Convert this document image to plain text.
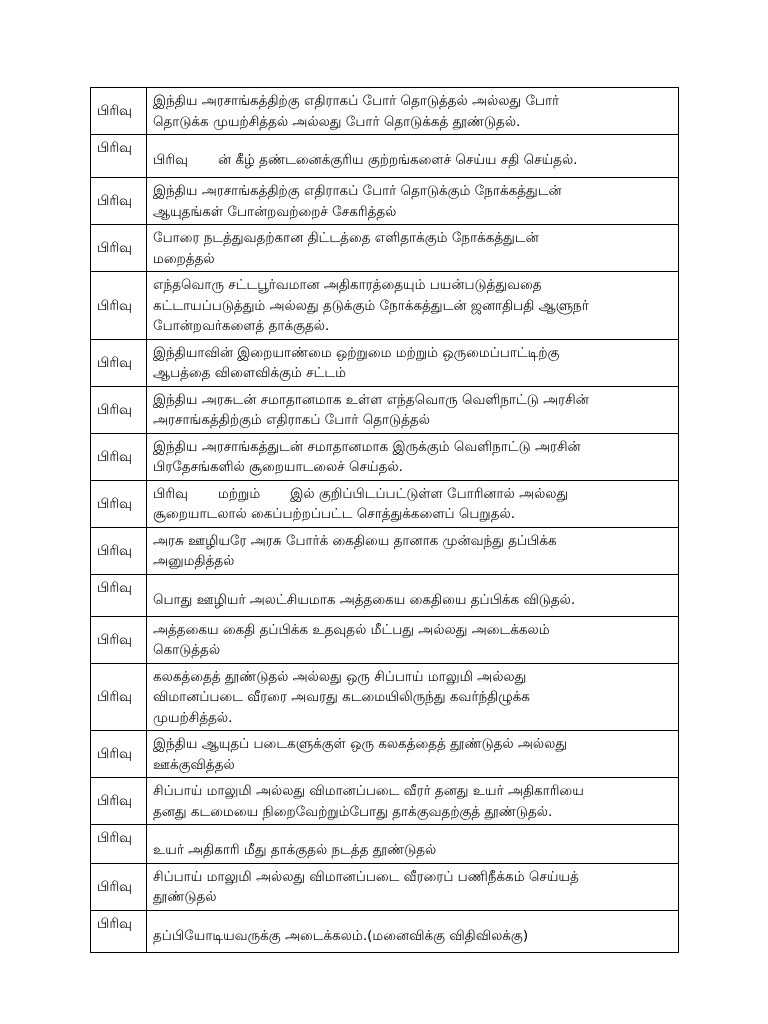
பிரிவு	இந்திய அரசாங்கத்திற்கு எதிராகப் போர் தொடுத்தல் அல்லது போர்
தொடுக்க முயற்சித்தல் அல்லது போர் தொடுக்கத் தூண்டுதல்.
பிரிவு	பிரிவு       ன் கீழ் தண்டனைக்குரிய குற்றங்களைச் செய்ய சதி செய்தல்.
பிரிவு	இந்திய அரசாங்கத்திற்கு எதிராகப் போர் தொடுக்கும் நோக்கத்துடன்
ஆயுதங்கள் போன்றவற்றைச் சேகரித்தல்
பிரிவு	போரை நடத்துவதற்கான திட்டத்தை எளிதாக்கும் நோக்கத்துடன்
மறைத்தல்
பிரிவு	எந்தவொரு சட்டபூர்வமான அதிகாரத்தையும் பயன்படுத்துவதை
கட்டாயப்படுத்தும் அல்லது தடுக்கும் நோக்கத்துடன் ஜனாதிபதி ஆளுநர்
போன்றவர்களைத் தாக்குதல்.
பிரிவு	இந்தியாவின் இறையாண்மை ஒற்றுமை மற்றும் ஒருமைப்பாட்டிற்கு
ஆபத்தை விளைவிக்கும் சட்டம்
பிரிவு	இந்திய அரசுடன் சமாதானமாக உள்ள எந்தவொரு வெளிநாட்டு அரசின்
அரசாங்கத்திற்கும் எதிராகப் போர் தொடுத்தல்
பிரிவு	இந்திய அரசாங்கத்துடன் சமாதானமாக இருக்கும் வெளிநாட்டு அரசின்
பிரதேசங்களில் சூறையாடலைச் செய்தல்.
பிரிவு	பிரிவு       மற்றும்       இல் குறிப்பிடப்பட்டுள்ள போரினால் அல்லது
சூறையாடலால் கைப்பற்றப்பட்ட சொத்துக்களைப் பெறுதல்.
பிரிவு	அரசு ஊழியரே அரசு போர்க் கைதியை தானாக முன்வந்து தப்பிக்க
அனுமதித்தல்
பிரிவு	பொது ஊழியர் அலட்சியமாக அத்தகைய கைதியை தப்பிக்க விடுதல்.
பிரிவு	அத்தகைய கைதி தப்பிக்க உதவுதல் மீட்பது அல்லது அடைக்கலம்
கொடுத்தல்
பிரிவு	கலகத்தைத் தூண்டுதல் அல்லது ஒரு சிப்பாய் மாலுமி அல்லது
விமானப்படை வீரரை அவரது கடமையிலிருந்து கவர்ந்திழுக்க
முயற்சித்தல்.
பிரிவு	இந்திய ஆயுதப் படைகளுக்குள் ஒரு கலகத்தைத் தூண்டுதல் அல்லது
ஊக்குவித்தல்
பிரிவு	சிப்பாய் மாலுமி அல்லது விமானப்படை வீரர் தனது உயர் அதிகாரியை
தனது கடமையை நிறைவேற்றும்போது தாக்குவதற்குத் தூண்டுதல்.
பிரிவு	உயர் அதிகாரி மீது தாக்குதல் நடத்த தூண்டுதல்
பிரிவு	சிப்பாய் மாலுமி அல்லது விமானப்படை வீரரைப் பணிநீக்கம் செய்யத்
தூண்டுதல்
பிரிவு	தப்பியோடியவருக்கு அடைக்கலம்.(மனைவிக்கு விதிவிலக்கு)
